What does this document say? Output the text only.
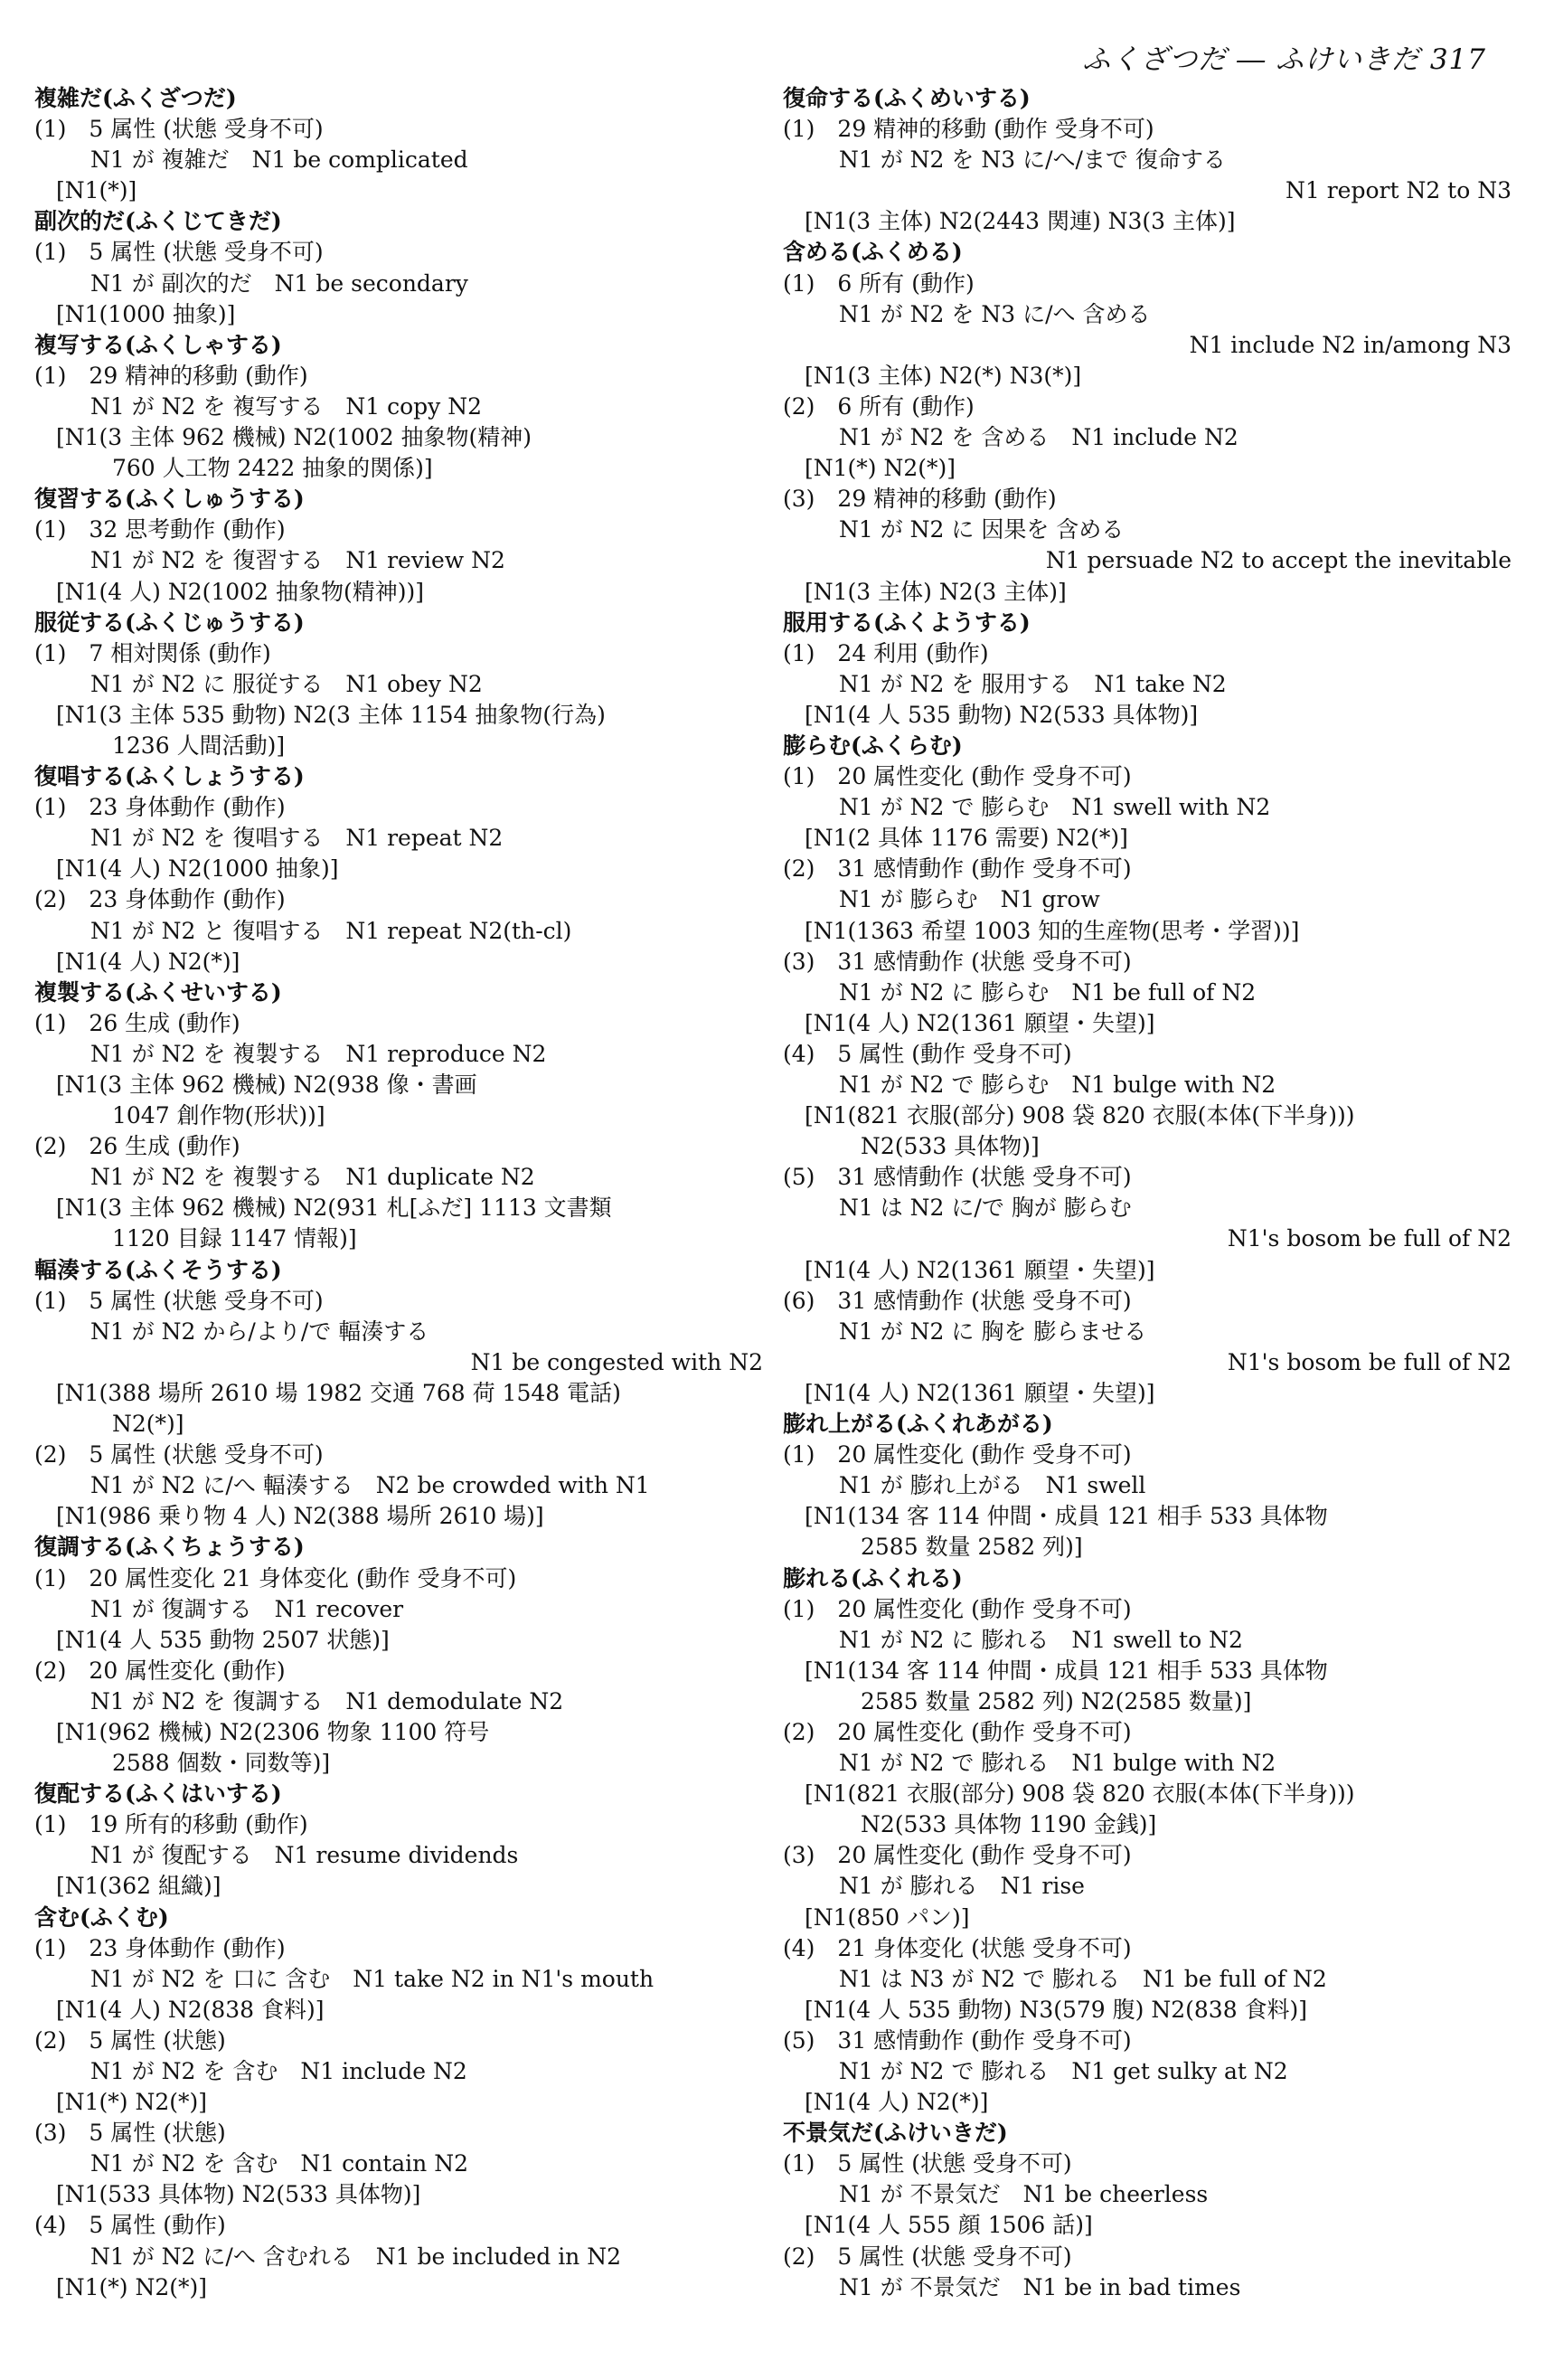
ふくざつだ ― ふけいきだ 317
複雑だ(ふくざつだ)
(1)　5 属性 (状態 受身不可)
N1 が 複雑だ　N1 be complicated
[N1(*)]
副次的だ(ふくじてきだ)
(1)　5 属性 (状態 受身不可)
N1 が 副次的だ　N1 be secondary
[N1(1000 抽象)]
複写する(ふくしゃする)
(1)　29 精神的移動 (動作)
N1 が N2 を 複写する　N1 copy N2
[N1(3 主体 962 機械) N2(1002 抽象物(精神)
760 人工物 2422 抽象的関係)]
復習する(ふくしゅうする)
(1)　32 思考動作 (動作)
N1 が N2 を 復習する　N1 review N2
[N1(4 人) N2(1002 抽象物(精神))]
服従する(ふくじゅうする)
(1)　7 相対関係 (動作)
N1 が N2 に 服従する　N1 obey N2
[N1(3 主体 535 動物) N2(3 主体 1154 抽象物(行為)
1236 人間活動)]
復唱する(ふくしょうする)
(1)　23 身体動作 (動作)
N1 が N2 を 復唱する　N1 repeat N2
[N1(4 人) N2(1000 抽象)]
(2)　23 身体動作 (動作)
N1 が N2 と 復唱する　N1 repeat N2(th-cl)
[N1(4 人) N2(*)]
複製する(ふくせいする)
(1)　26 生成 (動作)
N1 が N2 を 複製する　N1 reproduce N2
[N1(3 主体 962 機械) N2(938 像・書画
1047 創作物(形状))]
(2)　26 生成 (動作)
N1 が N2 を 複製する　N1 duplicate N2
[N1(3 主体 962 機械) N2(931 札[ふだ] 1113 文書類
1120 目録 1147 情報)]
輻湊する(ふくそうする)
(1)　5 属性 (状態 受身不可)
N1 が N2 から/より/で 輻湊する
N1 be congested with N2
[N1(388 場所 2610 場 1982 交通 768 荷 1548 電話)
N2(*)]
(2)　5 属性 (状態 受身不可)
N1 が N2 に/へ 輻湊する　N2 be crowded with N1
[N1(986 乗り物 4 人) N2(388 場所 2610 場)]
復調する(ふくちょうする)
(1)　20 属性変化 21 身体変化 (動作 受身不可)
N1 が 復調する　N1 recover
[N1(4 人 535 動物 2507 状態)]
(2)　20 属性変化 (動作)
N1 が N2 を 復調する　N1 demodulate N2
[N1(962 機械) N2(2306 物象 1100 符号
2588 個数・同数等)]
復配する(ふくはいする)
(1)　19 所有的移動 (動作)
N1 が 復配する　N1 resume dividends
[N1(362 組織)]
含む(ふくむ)
(1)　23 身体動作 (動作)
N1 が N2 を 口に 含む　N1 take N2 in N1's mouth
[N1(4 人) N2(838 食料)]
(2)　5 属性 (状態)
N1 が N2 を 含む　N1 include N2
[N1(*) N2(*)]
(3)　5 属性 (状態)
N1 が N2 を 含む　N1 contain N2
[N1(533 具体物) N2(533 具体物)]
(4)　5 属性 (動作)
N1 が N2 に/へ 含むれる　N1 be included in N2
[N1(*) N2(*)]
復命する(ふくめいする)
(1)　29 精神的移動 (動作 受身不可)
N1 が N2 を N3 に/へ/まで 復命する
N1 report N2 to N3
[N1(3 主体) N2(2443 関連) N3(3 主体)]
含める(ふくめる)
(1)　6 所有 (動作)
N1 が N2 を N3 に/へ 含める
N1 include N2 in/among N3
[N1(3 主体) N2(*) N3(*)]
(2)　6 所有 (動作)
N1 が N2 を 含める　N1 include N2
[N1(*) N2(*)]
(3)　29 精神的移動 (動作)
N1 が N2 に 因果を 含める
N1 persuade N2 to accept the inevitable
[N1(3 主体) N2(3 主体)]
服用する(ふくようする)
(1)　24 利用 (動作)
N1 が N2 を 服用する　N1 take N2
[N1(4 人 535 動物) N2(533 具体物)]
膨らむ(ふくらむ)
(1)　20 属性変化 (動作 受身不可)
N1 が N2 で 膨らむ　N1 swell with N2
[N1(2 具体 1176 需要) N2(*)]
(2)　31 感情動作 (動作 受身不可)
N1 が 膨らむ　N1 grow
[N1(1363 希望 1003 知的生産物(思考・学習))]
(3)　31 感情動作 (状態 受身不可)
N1 が N2 に 膨らむ　N1 be full of N2
[N1(4 人) N2(1361 願望・失望)]
(4)　5 属性 (動作 受身不可)
N1 が N2 で 膨らむ　N1 bulge with N2
[N1(821 衣服(部分) 908 袋 820 衣服(本体(下半身)))
N2(533 具体物)]
(5)　31 感情動作 (状態 受身不可)
N1 は N2 に/で 胸が 膨らむ
N1's bosom be full of N2
[N1(4 人) N2(1361 願望・失望)]
(6)　31 感情動作 (状態 受身不可)
N1 が N2 に 胸を 膨らませる
N1's bosom be full of N2
[N1(4 人) N2(1361 願望・失望)]
膨れ上がる(ふくれあがる)
(1)　20 属性変化 (動作 受身不可)
N1 が 膨れ上がる　N1 swell
[N1(134 客 114 仲間・成員 121 相手 533 具体物
2585 数量 2582 列)]
膨れる(ふくれる)
(1)　20 属性変化 (動作 受身不可)
N1 が N2 に 膨れる　N1 swell to N2
[N1(134 客 114 仲間・成員 121 相手 533 具体物
2585 数量 2582 列) N2(2585 数量)]
(2)　20 属性変化 (動作 受身不可)
N1 が N2 で 膨れる　N1 bulge with N2
[N1(821 衣服(部分) 908 袋 820 衣服(本体(下半身)))
N2(533 具体物 1190 金銭)]
(3)　20 属性変化 (動作 受身不可)
N1 が 膨れる　N1 rise
[N1(850 パン)]
(4)　21 身体変化 (状態 受身不可)
N1 は N3 が N2 で 膨れる　N1 be full of N2
[N1(4 人 535 動物) N3(579 腹) N2(838 食料)]
(5)　31 感情動作 (動作 受身不可)
N1 が N2 で 膨れる　N1 get sulky at N2
[N1(4 人) N2(*)]
不景気だ(ふけいきだ)
(1)　5 属性 (状態 受身不可)
N1 が 不景気だ　N1 be cheerless
[N1(4 人 555 顔 1506 話)]
(2)　5 属性 (状態 受身不可)
N1 が 不景気だ　N1 be in bad times
